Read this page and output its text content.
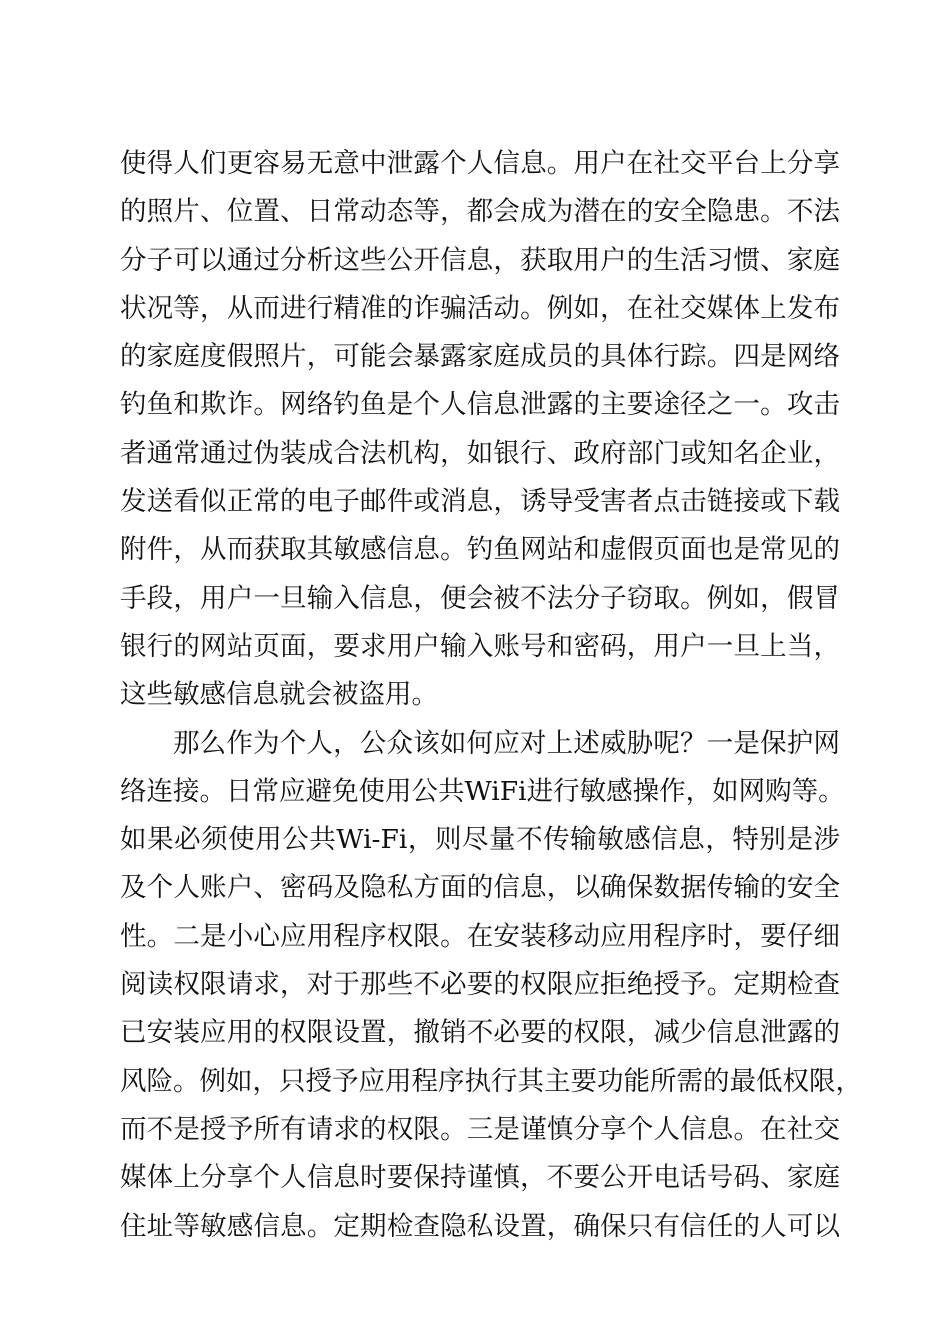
使得人们更容易无意中泄露个人信息。用户在社交平台上分享
的照片、位置、日常动态等，都会成为潜在的安全隐患。不法
分子可以通过分析这些公开信息，获取用户的生活习惯、家庭
状况等，从而进行精准的诈骗活动。例如，在社交媒体上发布
的家庭度假照片，可能会暴露家庭成员的具体行踪。四是网络
钓鱼和欺诈。网络钓鱼是个人信息泄露的主要途径之一。攻击
者通常通过伪装成合法机构，如银行、政府部门或知名企业，
发送看似正常的电子邮件或消息，诱导受害者点击链接或下载
附件，从而获取其敏感信息。钓鱼网站和虚假页面也是常见的
手段，用户一旦输入信息，便会被不法分子窃取。例如，假冒
银行的网站页面，要求用户输入账号和密码，用户一旦上当，
这些敏感信息就会被盗用。
那么作为个人，公众该如何应对上述威胁呢？一是保护网
络连接。日常应避免使用公共WiFi进行敏感操作，如网购等。
如果必须使用公共Wi-Fi，则尽量不传输敏感信息，特别是涉
及个人账户、密码及隐私方面的信息，以确保数据传输的安全
性。二是小心应用程序权限。在安装移动应用程序时，要仔细
阅读权限请求，对于那些不必要的权限应拒绝授予。定期检查
已安装应用的权限设置，撤销不必要的权限，减少信息泄露的
风险。例如，只授予应用程序执行其主要功能所需的最低权限，
而不是授予所有请求的权限。三是谨慎分享个人信息。在社交
媒体上分享个人信息时要保持谨慎，不要公开电话号码、家庭
住址等敏感信息。定期检查隐私设置，确保只有信任的人可以
